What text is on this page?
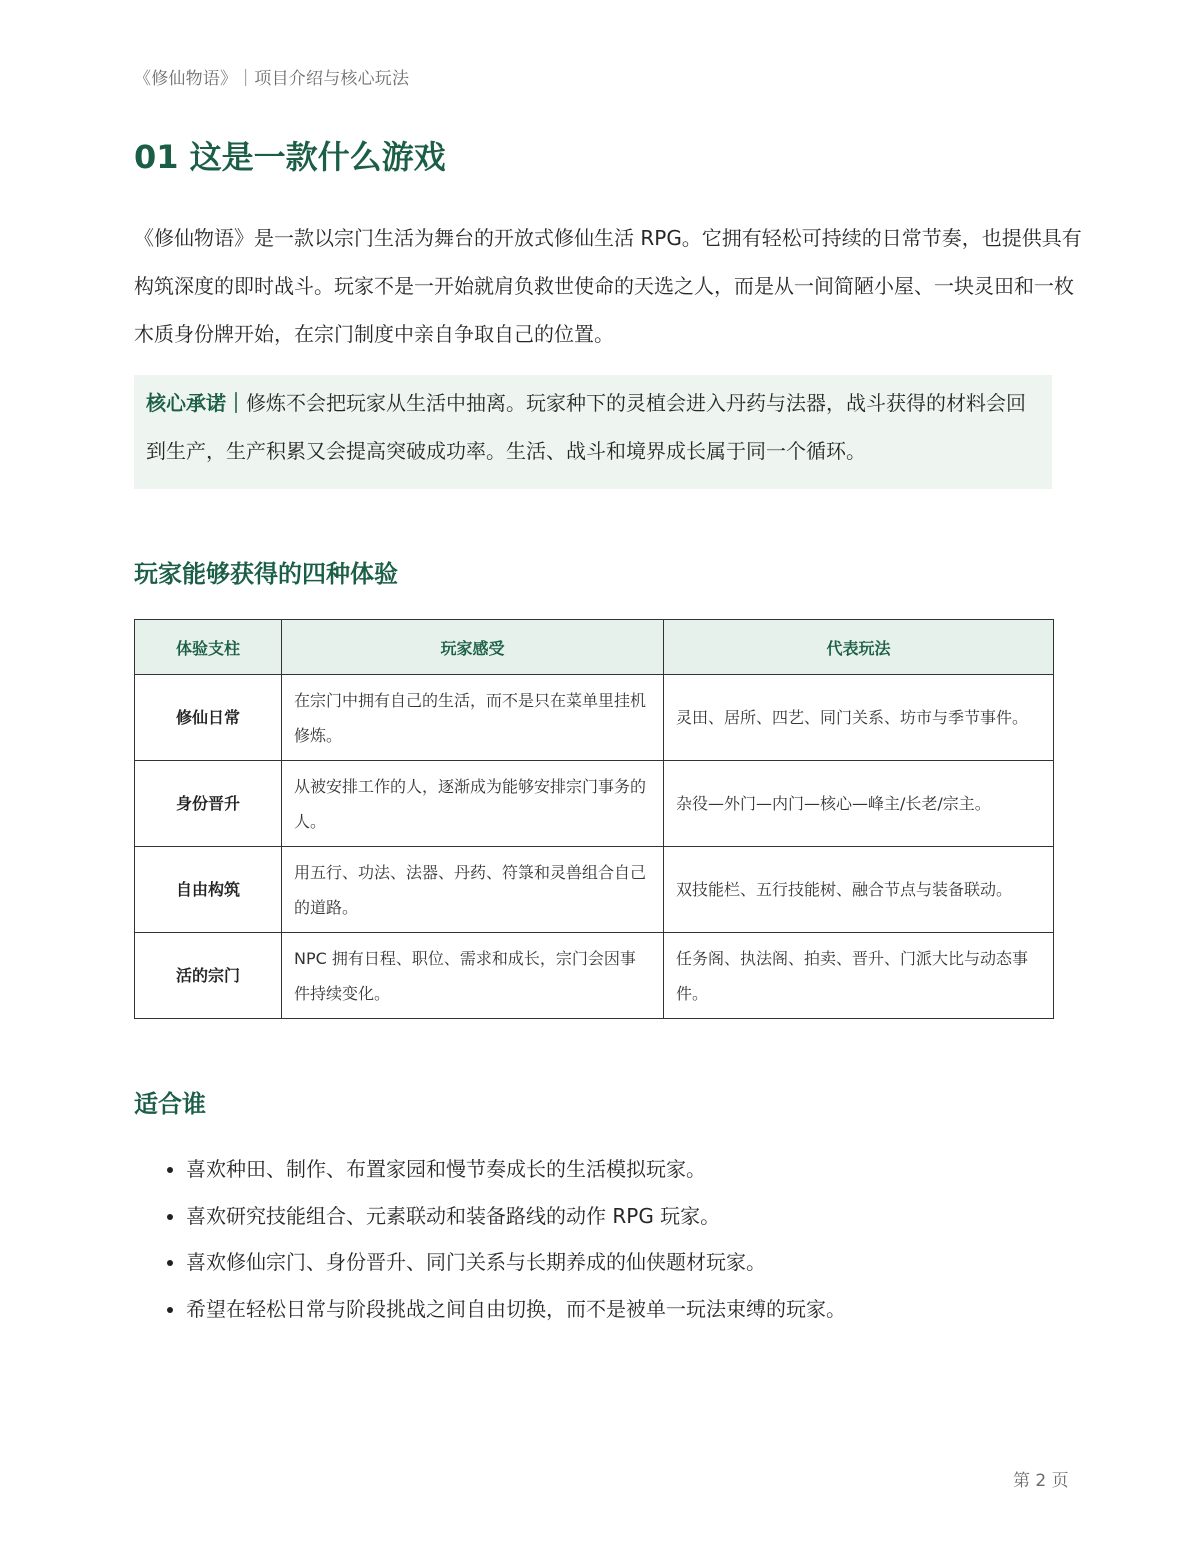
《修仙物语》｜项目介绍与核心玩法
01 这是一款什么游戏

《修仙物语》是一款以宗门生活为舞台的开放式修仙生活 RPG。它拥有轻松可持续的日常节奏，也提供具有构筑深度的即时战斗。玩家不是一开始就肩负救世使命的天选之人，而是从一间简陋小屋、一块灵田和一枚木质身份牌开始，在宗门制度中亲自争取自己的位置。

核心承诺｜修炼不会把玩家从生活中抽离。玩家种下的灵植会进入丹药与法器，战斗获得的材料会回到生产，生产积累又会提高突破成功率。生活、战斗和境界成长属于同一个循环。

玩家能够获得的四种体验
体验支柱	玩家感受	代表玩法
修仙日常	在宗门中拥有自己的生活，而不是只在菜单里挂机修炼。	灵田、居所、四艺、同门关系、坊市与季节事件。
身份晋升	从被安排工作的人，逐渐成为能够安排宗门事务的人。	杂役—外门—内门—核心—峰主/长老/宗主。
自由构筑	用五行、功法、法器、丹药、符箓和灵兽组合自己的道路。	双技能栏、五行技能树、融合节点与装备联动。
活的宗门	NPC 拥有日程、职位、需求和成长，宗门会因事件持续变化。	任务阁、执法阁、拍卖、晋升、门派大比与动态事件。
适合谁
• 喜欢种田、制作、布置家园和慢节奏成长的生活模拟玩家。
• 喜欢研究技能组合、元素联动和装备路线的动作 RPG 玩家。
• 喜欢修仙宗门、身份晋升、同门关系与长期养成的仙侠题材玩家。
• 希望在轻松日常与阶段挑战之间自由切换，而不是被单一玩法束缚的玩家。
第 2 页
